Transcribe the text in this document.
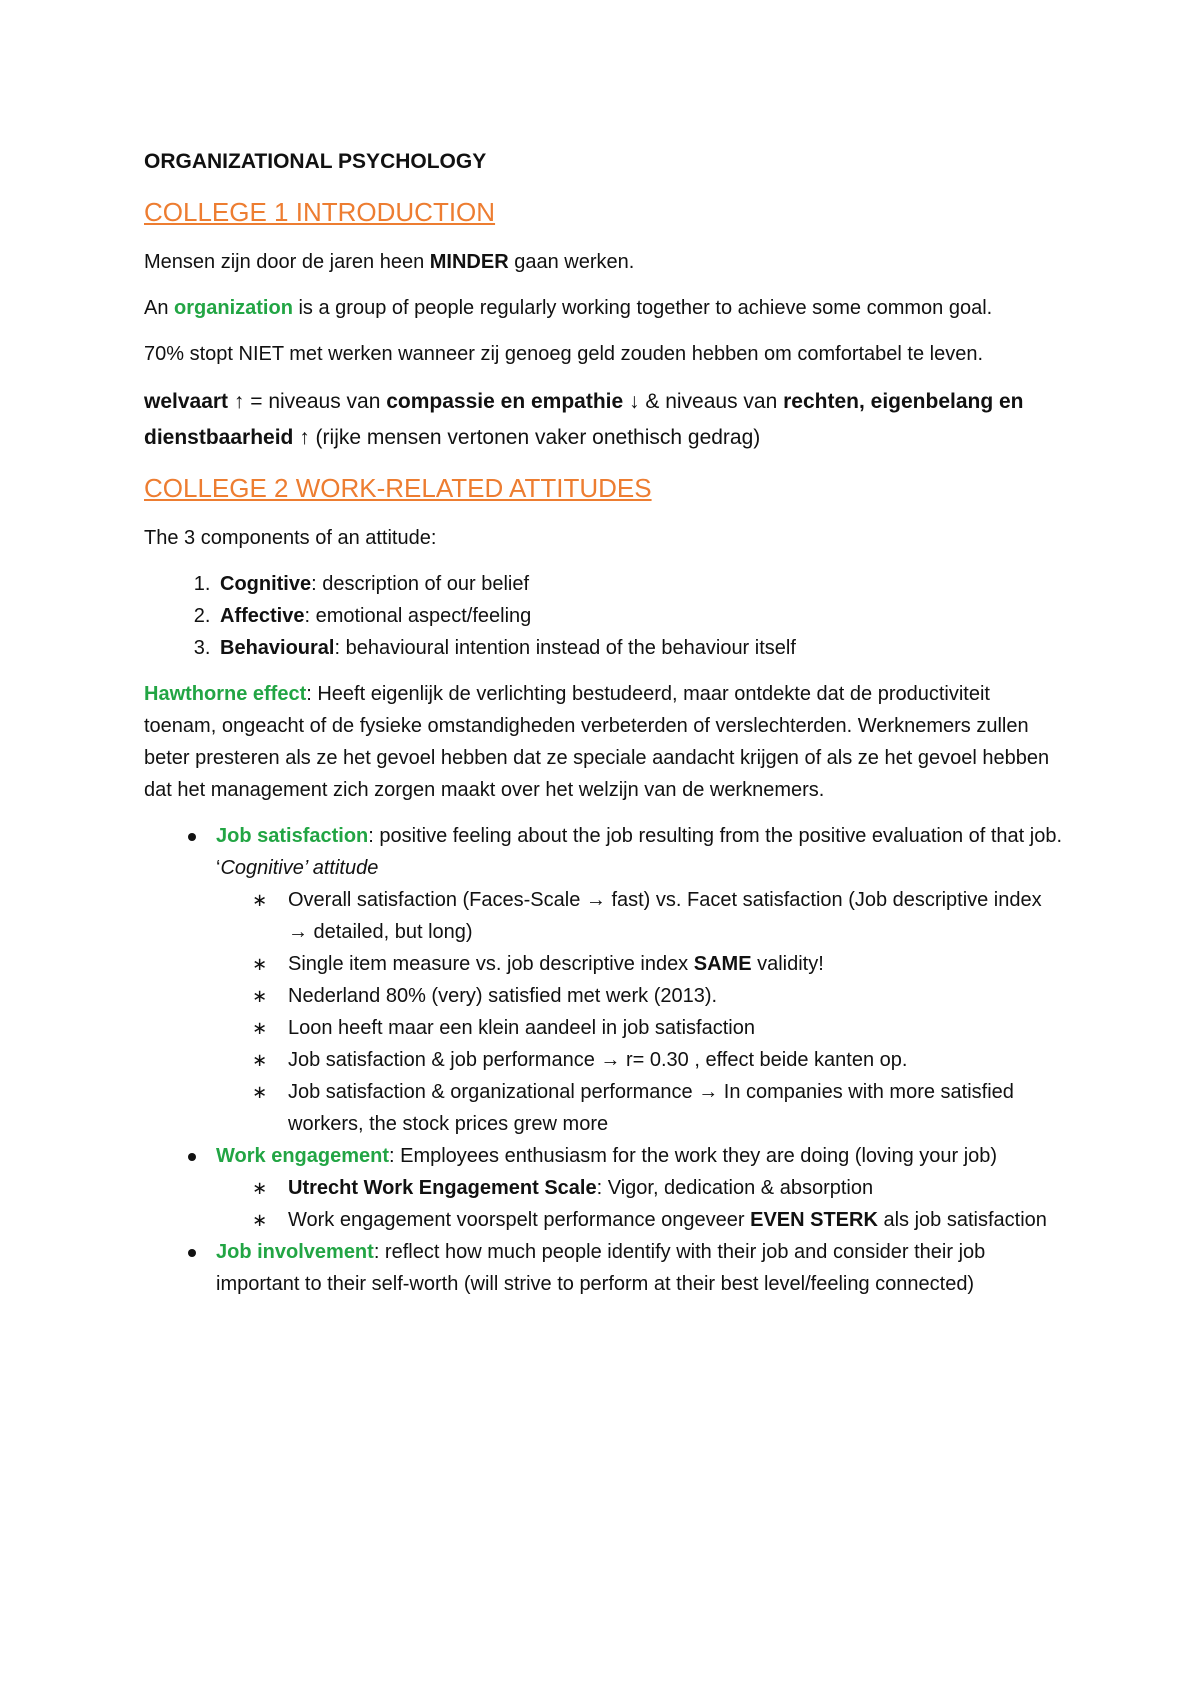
ORGANIZATIONAL PSYCHOLOGY
COLLEGE 1 INTRODUCTION

Mensen zijn door de jaren heen MINDER gaan werken.

An organization is a group of people regularly working together to achieve some common goal.

70% stopt NIET met werken wanneer zij genoeg geld zouden hebben om comfortabel te leven.

welvaart ↑ = niveaus van compassie en empathie ↓ & niveaus van rechten, eigenbelang en dienstbaarheid ↑ (rijke mensen vertonen vaker onethisch gedrag)

COLLEGE 2 WORK-RELATED ATTITUDES

The 3 components of an attitude:

1. Cognitive: description of our belief
2. Affective: emotional aspect/feeling
3. Behavioural: behavioural intention instead of the behaviour itself

Hawthorne effect: Heeft eigenlijk de verlichting bestudeerd, maar ontdekte dat de productiviteit toenam, ongeacht of de fysieke omstandigheden verbeterden of verslechterden. Werknemers zullen beter presteren als ze het gevoel hebben dat ze speciale aandacht krijgen of als ze het gevoel hebben dat het management zich zorgen maakt over het welzijn van de werknemers.

Job satisfaction: positive feeling about the job resulting from the positive evaluation of that job. ‘Cognitive’ attitude
∗ Overall satisfaction (Faces-Scale → fast) vs. Facet satisfaction (Job descriptive index → detailed, but long)
∗ Single item measure vs. job descriptive index SAME validity!
∗ Nederland 80% (very) satisfied met werk (2013).
∗ Loon heeft maar een klein aandeel in job satisfaction
∗ Job satisfaction & job performance → r= 0.30 , effect beide kanten op.
∗ Job satisfaction & organizational performance → In companies with more satisfied workers, the stock prices grew more
Work engagement: Employees enthusiasm for the work they are doing (loving your job)
∗ Utrecht Work Engagement Scale: Vigor, dedication & absorption
∗ Work engagement voorspelt performance ongeveer EVEN STERK als job satisfaction
Job involvement: reflect how much people identify with their job and consider their job important to their self-worth (will strive to perform at their best level/feeling connected)
